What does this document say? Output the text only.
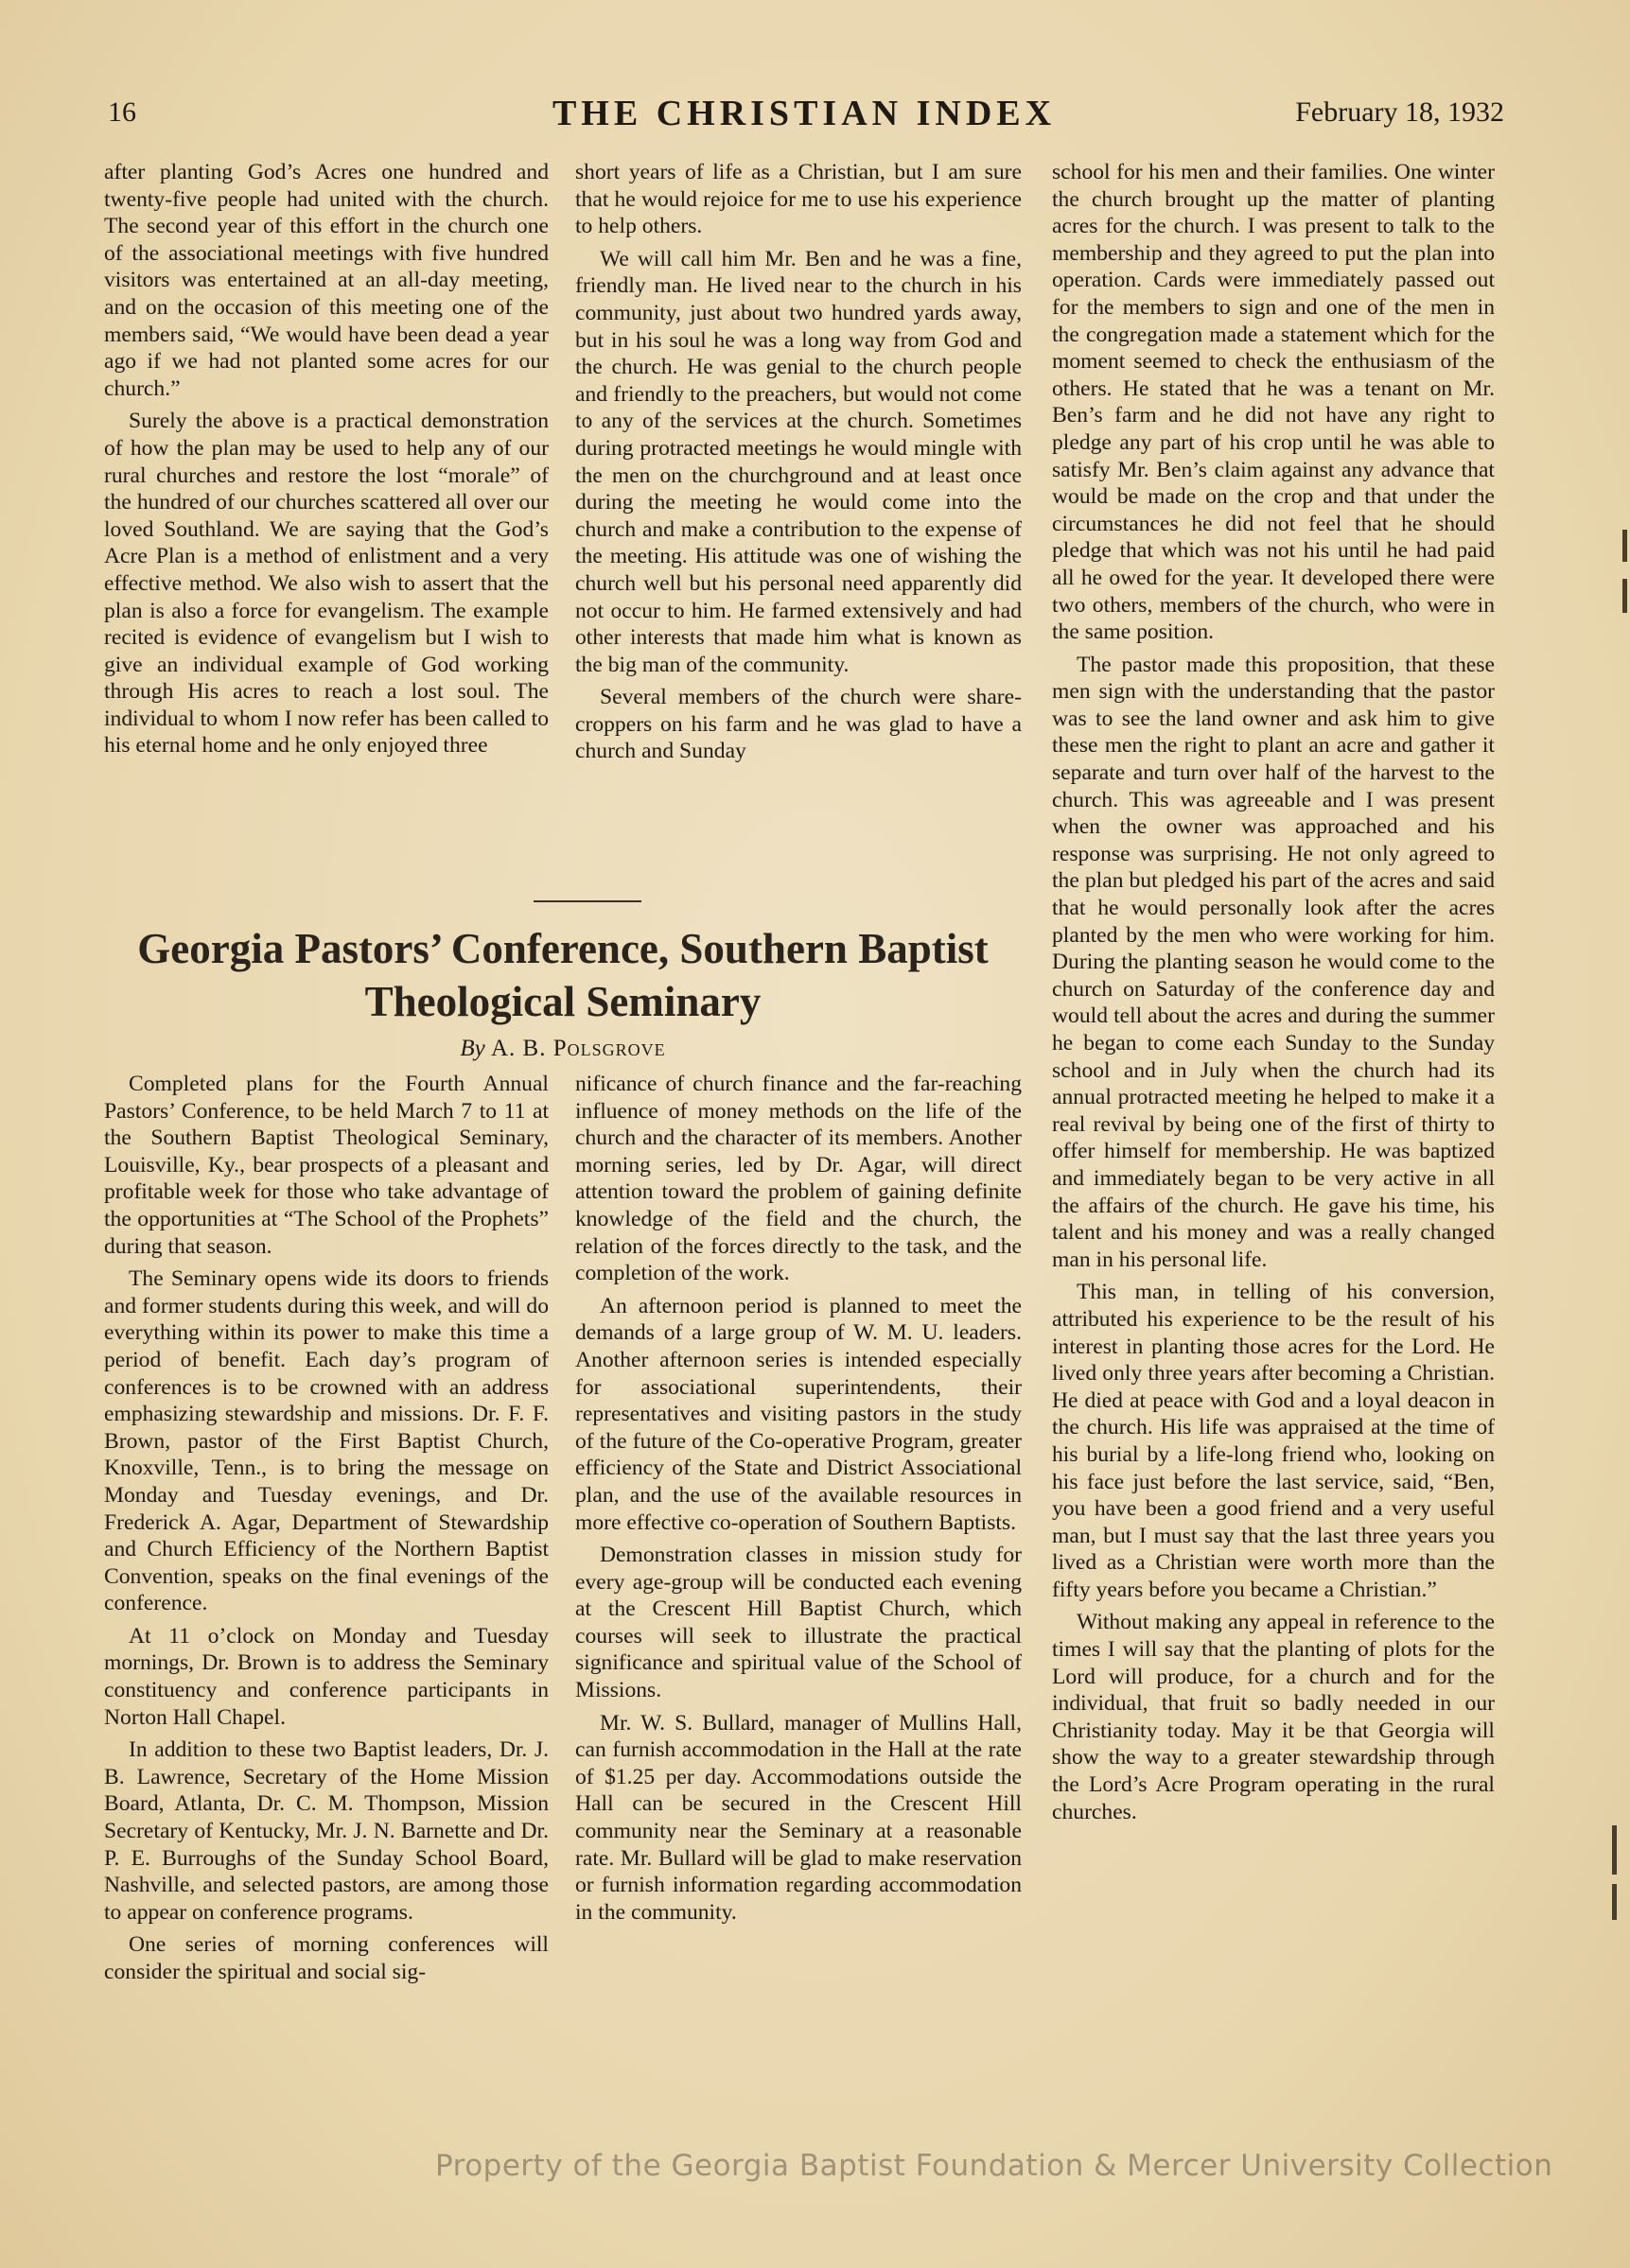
16	THE CHRISTIAN INDEX	February 18, 1932

after planting God’s Acres one hundred and twenty-five people had united with the church. The second year of this effort in the church one of the associational meetings with five hundred visitors was entertained at an all-day meeting, and on the occasion of this meeting one of the members said, “We would have been dead a year ago if we had not planted some acres for our church.”

Surely the above is a practical demonstration of how the plan may be used to help any of our rural churches and restore the lost “morale” of the hundred of our churches scattered all over our loved Southland. We are saying that the God’s Acre Plan is a method of enlistment and a very effective method. We also wish to assert that the plan is also a force for evangelism. The example recited is evidence of evangelism but I wish to give an individual example of God working through His acres to reach a lost soul. The individual to whom I now refer has been called to his eternal home and he only enjoyed three

short years of life as a Christian, but I am sure that he would rejoice for me to use his experience to help others.

We will call him Mr. Ben and he was a fine, friendly man. He lived near to the church in his community, just about two hundred yards away, but in his soul he was a long way from God and the church. He was genial to the church people and friendly to the preachers, but would not come to any of the services at the church. Sometimes during protracted meetings he would mingle with the men on the churchground and at least once during the meeting he would come into the church and make a contribution to the expense of the meeting. His attitude was one of wishing the church well but his personal need apparently did not occur to him. He farmed extensively and had other interests that made him what is known as the big man of the community.

Several members of the church were share-croppers on his farm and he was glad to have a church and Sunday

school for his men and their families. One winter the church brought up the matter of planting acres for the church. I was present to talk to the membership and they agreed to put the plan into operation. Cards were immediately passed out for the members to sign and one of the men in the congregation made a statement which for the moment seemed to check the enthusiasm of the others. He stated that he was a tenant on Mr. Ben’s farm and he did not have any right to pledge any part of his crop until he was able to satisfy Mr. Ben’s claim against any advance that would be made on the crop and that under the circumstances he did not feel that he should pledge that which was not his until he had paid all he owed for the year. It developed there were two others, members of the church, who were in the same position.

The pastor made this proposition, that these men sign with the understanding that the pastor was to see the land owner and ask him to give these men the right to plant an acre and gather it separate and turn over half of the harvest to the church. This was agreeable and I was present when the owner was approached and his response was surprising. He not only agreed to the plan but pledged his part of the acres and said that he would personally look after the acres planted by the men who were working for him. During the planting season he would come to the church on Saturday of the conference day and would tell about the acres and during the summer he began to come each Sunday to the Sunday school and in July when the church had its annual protracted meeting he helped to make it a real revival by being one of the first of thirty to offer himself for membership. He was baptized and immediately began to be very active in all the affairs of the church. He gave his time, his talent and his money and was a really changed man in his personal life.

This man, in telling of his conversion, attributed his experience to be the result of his interest in planting those acres for the Lord. He lived only three years after becoming a Christian. He died at peace with God and a loyal deacon in the church. His life was appraised at the time of his burial by a life-long friend who, looking on his face just before the last service, said, “Ben, you have been a good friend and a very useful man, but I must say that the last three years you lived as a Christian were worth more than the fifty years before you became a Christian.”

Without making any appeal in reference to the times I will say that the planting of plots for the Lord will produce, for a church and for the individual, that fruit so badly needed in our Christianity today. May it be that Georgia will show the way to a greater stewardship through the Lord’s Acre Program operating in the rural churches.

Georgia Pastors’ Conference, Southern Baptist
Theological Seminary
By A. B. Polsgrove

Completed plans for the Fourth Annual Pastors’ Conference, to be held March 7 to 11 at the Southern Baptist Theological Seminary, Louisville, Ky., bear prospects of a pleasant and profitable week for those who take advantage of the opportunities at “The School of the Prophets” during that season.

The Seminary opens wide its doors to friends and former students during this week, and will do everything within its power to make this time a period of benefit. Each day’s program of conferences is to be crowned with an address emphasizing stewardship and missions. Dr. F. F. Brown, pastor of the First Baptist Church, Knoxville, Tenn., is to bring the message on Monday and Tuesday evenings, and Dr. Frederick A. Agar, Department of Stewardship and Church Efficiency of the Northern Baptist Convention, speaks on the final evenings of the conference.

At 11 o’clock on Monday and Tuesday mornings, Dr. Brown is to address the Seminary constituency and conference participants in Norton Hall Chapel.

In addition to these two Baptist leaders, Dr. J. B. Lawrence, Secretary of the Home Mission Board, Atlanta, Dr. C. M. Thompson, Mission Secretary of Kentucky, Mr. J. N. Barnette and Dr. P. E. Burroughs of the Sunday School Board, Nashville, and selected pastors, are among those to appear on conference programs.

One series of morning conferences will consider the spiritual and social sig-

nificance of church finance and the far-reaching influence of money methods on the life of the church and the character of its members. Another morning series, led by Dr. Agar, will direct attention toward the problem of gaining definite knowledge of the field and the church, the relation of the forces directly to the task, and the completion of the work.

An afternoon period is planned to meet the demands of a large group of W. M. U. leaders. Another afternoon series is intended especially for associational superintendents, their representatives and visiting pastors in the study of the future of the Co-operative Program, greater efficiency of the State and District Associational plan, and the use of the available resources in more effective co-operation of Southern Baptists.

Demonstration classes in mission study for every age-group will be conducted each evening at the Crescent Hill Baptist Church, which courses will seek to illustrate the practical significance and spiritual value of the School of Missions.

Mr. W. S. Bullard, manager of Mullins Hall, can furnish accommodation in the Hall at the rate of $1.25 per day. Accommodations outside the Hall can be secured in the Crescent Hill community near the Seminary at a reasonable rate. Mr. Bullard will be glad to make reservation or furnish information regarding accommodation in the community.

Property of the Georgia Baptist Foundation & Mercer University Collection
